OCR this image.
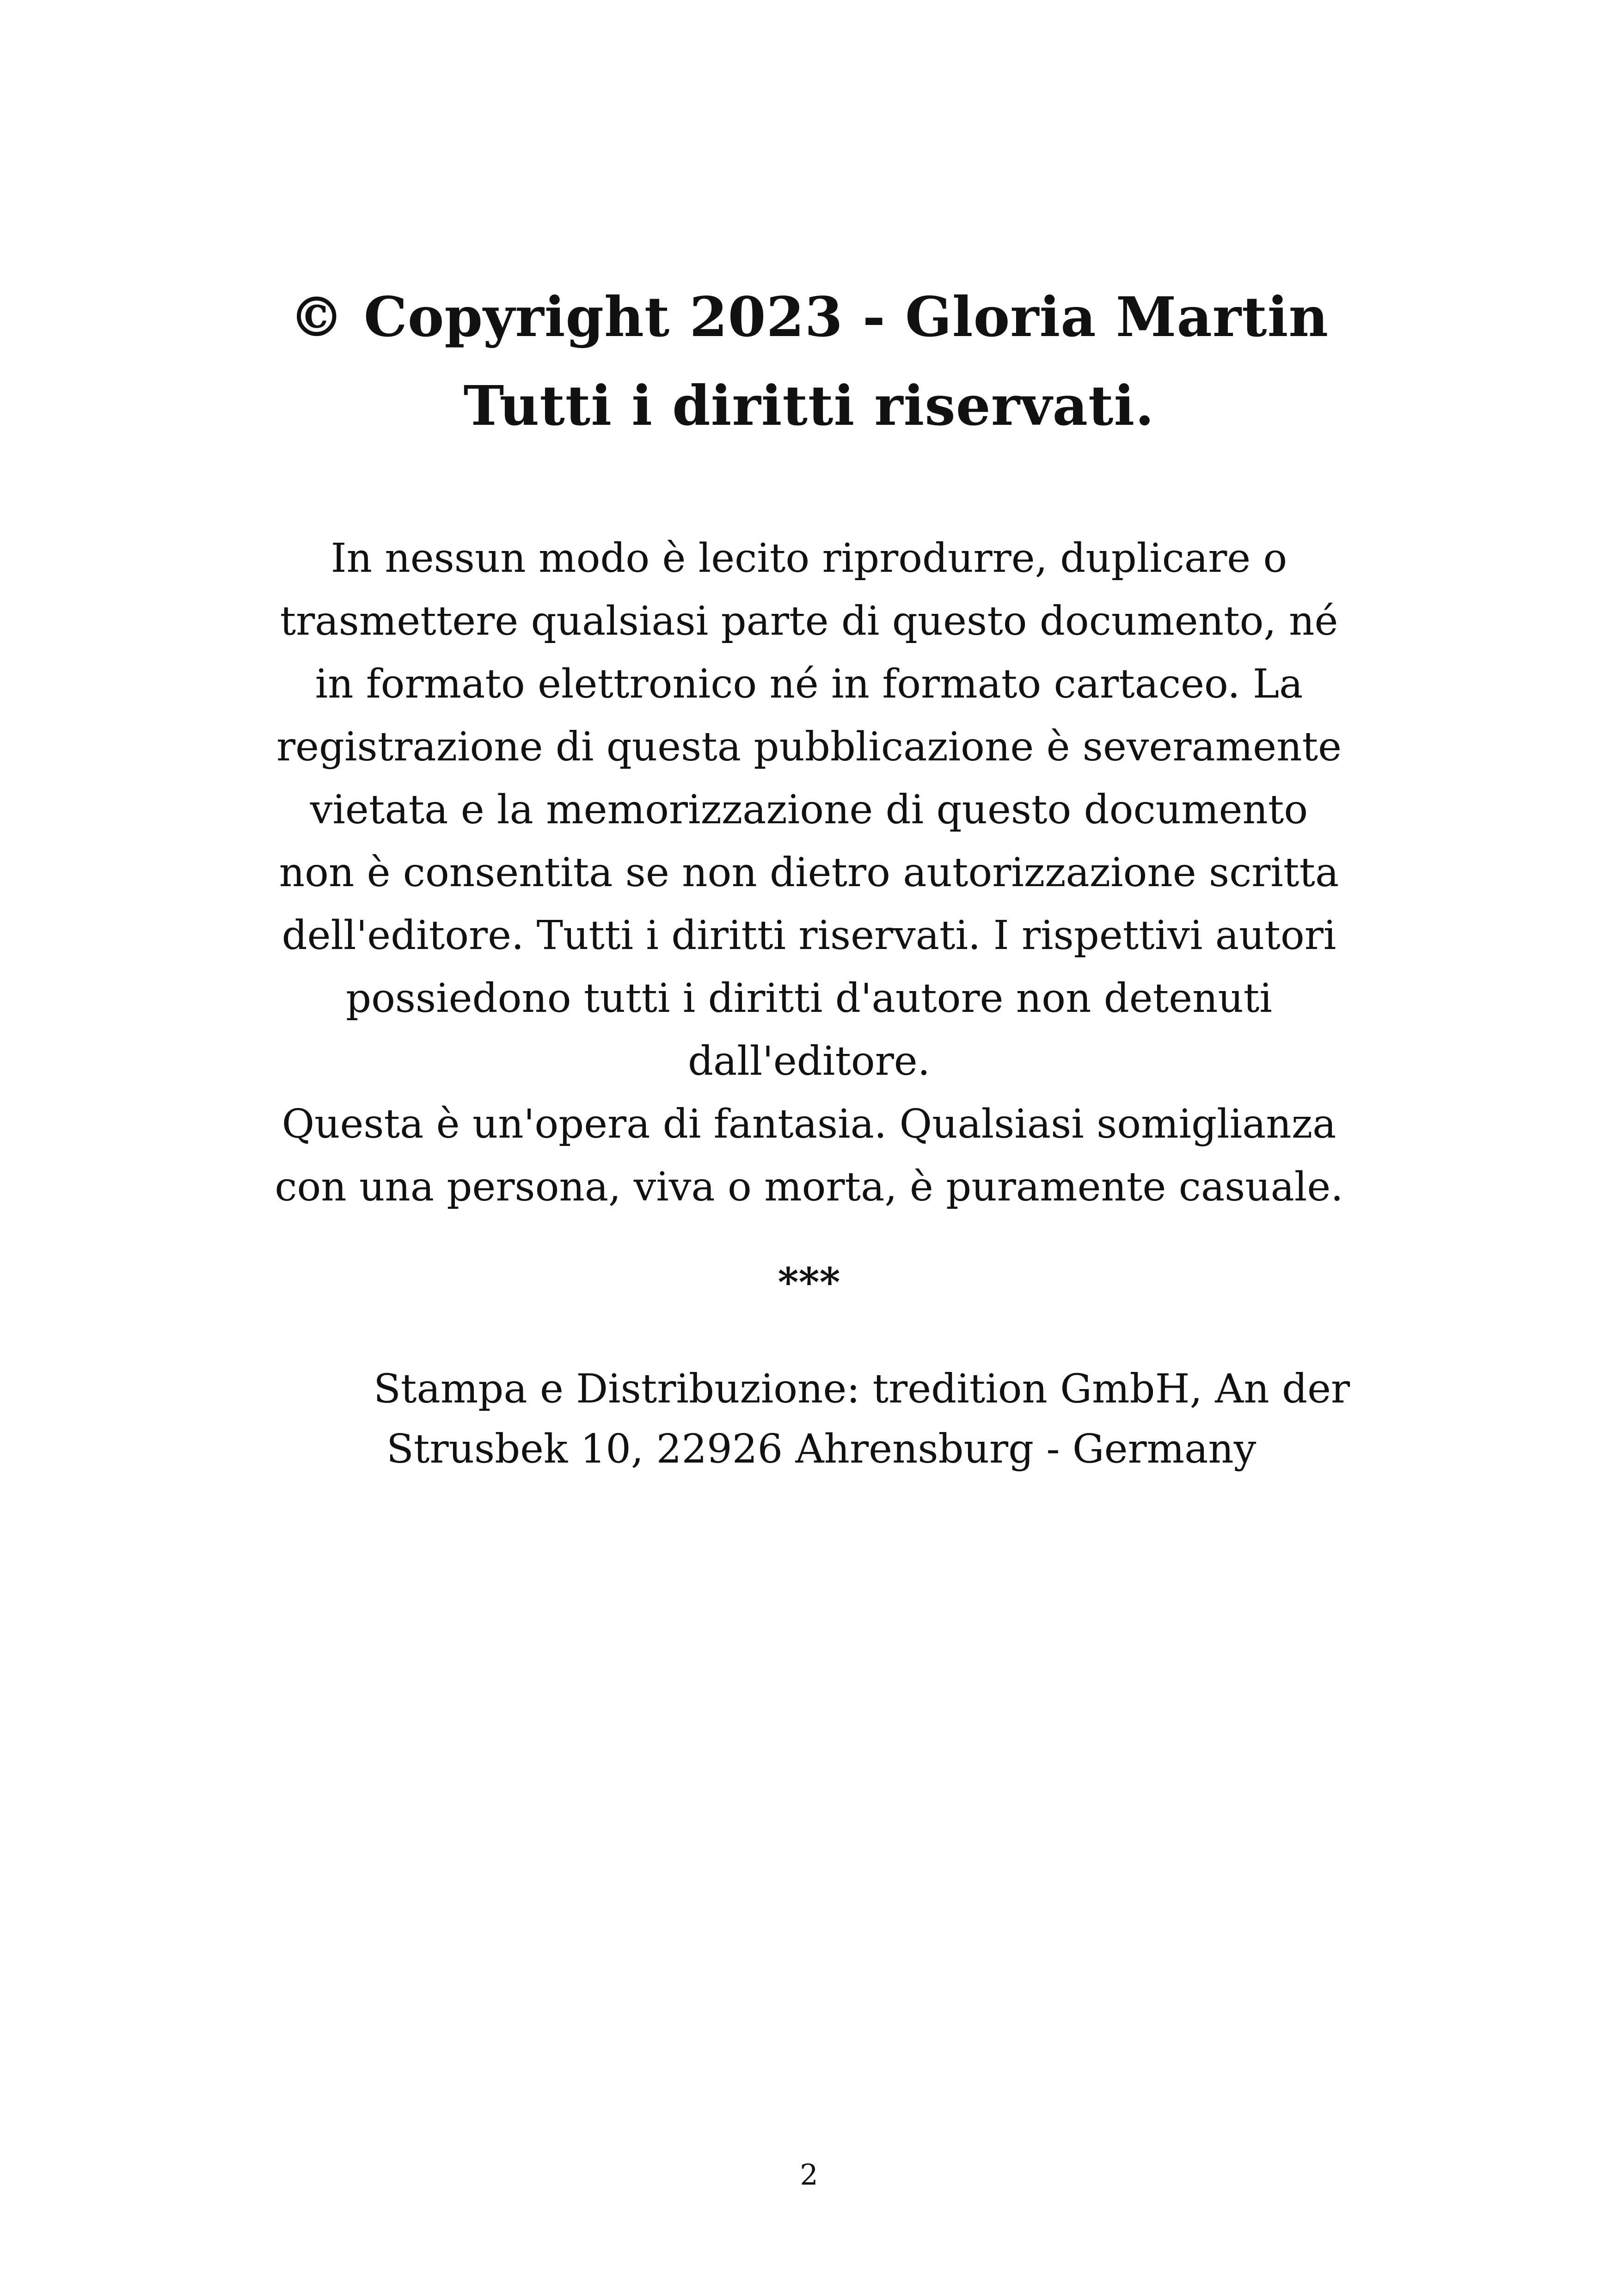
© Copyright 2023 - Gloria Martin
Tutti i diritti riservati.
In nessun modo è lecito riprodurre, duplicare o
trasmettere qualsiasi parte di questo documento, né
in formato elettronico né in formato cartaceo. La
registrazione di questa pubblicazione è severamente
vietata e la memorizzazione di questo documento
non è consentita se non dietro autorizzazione scritta
dell'editore. Tutti i diritti riservati. I rispettivi autori
possiedono tutti i diritti d'autore non detenuti
dall'editore.
Questa è un'opera di fantasia. Qualsiasi somiglianza
con una persona, viva o morta, è puramente casuale.
***
Stampa e Distribuzione: tredition GmbH, An der
Strusbek 10, 22926 Ahrensburg - Germany
2
